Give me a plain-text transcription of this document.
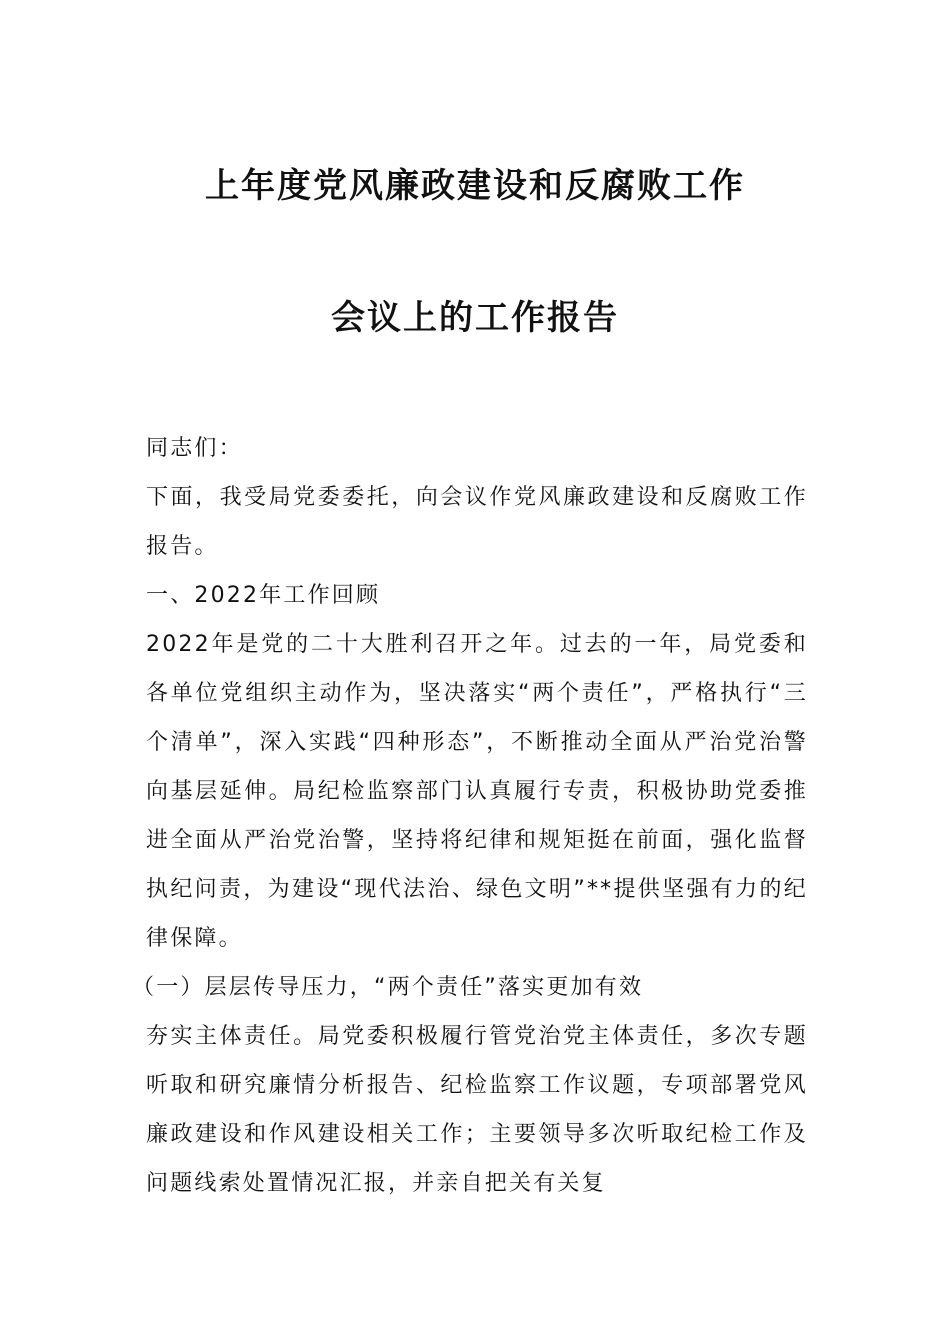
上年度党风廉政建设和反腐败工作
会议上的工作报告

同志们：

下面，我受局党委委托，向会议作党风廉政建设和反腐败工作报告。

一、2022年工作回顾

2022年是党的二十大胜利召开之年。过去的一年，局党委和各单位党组织主动作为，坚决落实“两个责任”，严格执行“三个清单”，深入实践“四种形态”，不断推动全面从严治党治警向基层延伸。局纪检监察部门认真履行专责，积极协助党委推进全面从严治党治警，坚持将纪律和规矩挺在前面，强化监督执纪问责，为建设“现代法治、绿色文明”**提供坚强有力的纪律保障。

（一）层层传导压力，“两个责任”落实更加有效

夯实主体责任。局党委积极履行管党治党主体责任，多次专题听取和研究廉情分析报告、纪检监察工作议题，专项部署党风廉政建设和作风建设相关工作；主要领导多次听取纪检工作及问题线索处置情况汇报，并亲自把关有关复
